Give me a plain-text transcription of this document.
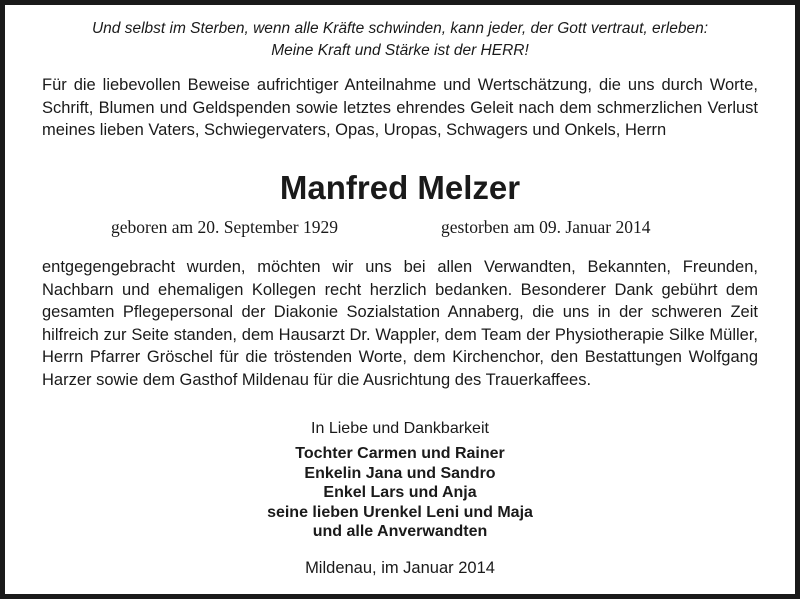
Und selbst im Sterben, wenn alle Kräfte schwinden, kann jeder, der Gott vertraut, erleben:
Meine Kraft und Stärke ist der HERR!
Für die liebevollen Beweise aufrichtiger Anteilnahme und Wertschätzung, die uns durch Worte, Schrift, Blumen und Geldspenden sowie letztes ehrendes Geleit nach dem schmerzlichen Verlust meines lieben Vaters, Schwiegervaters, Opas, Uropas, Schwagers und Onkels, Herrn
Manfred Melzer
geboren am 20. September 1929	gestorben am 09. Januar 2014
entgegengebracht wurden, möchten wir uns bei allen Verwandten, Bekannten, Freunden, Nachbarn und ehemaligen Kollegen recht herzlich bedanken. Besonderer Dank gebührt dem gesamten Pflegepersonal der Diakonie Sozialstation Annaberg, die uns in der schweren Zeit hilfreich zur Seite standen, dem Hausarzt Dr. Wappler, dem Team der Physiotherapie Silke Müller, Herrn Pfarrer Gröschel für die tröstenden Worte, dem Kirchenchor, den Bestattungen Wolfgang Harzer sowie dem Gasthof Mildenau für die Ausrichtung des Trauerkaffees.
In Liebe und Dankbarkeit
Tochter Carmen und Rainer
Enkelin Jana und Sandro
Enkel Lars und Anja
seine lieben Urenkel Leni und Maja
und alle Anverwandten
Mildenau, im Januar 2014
